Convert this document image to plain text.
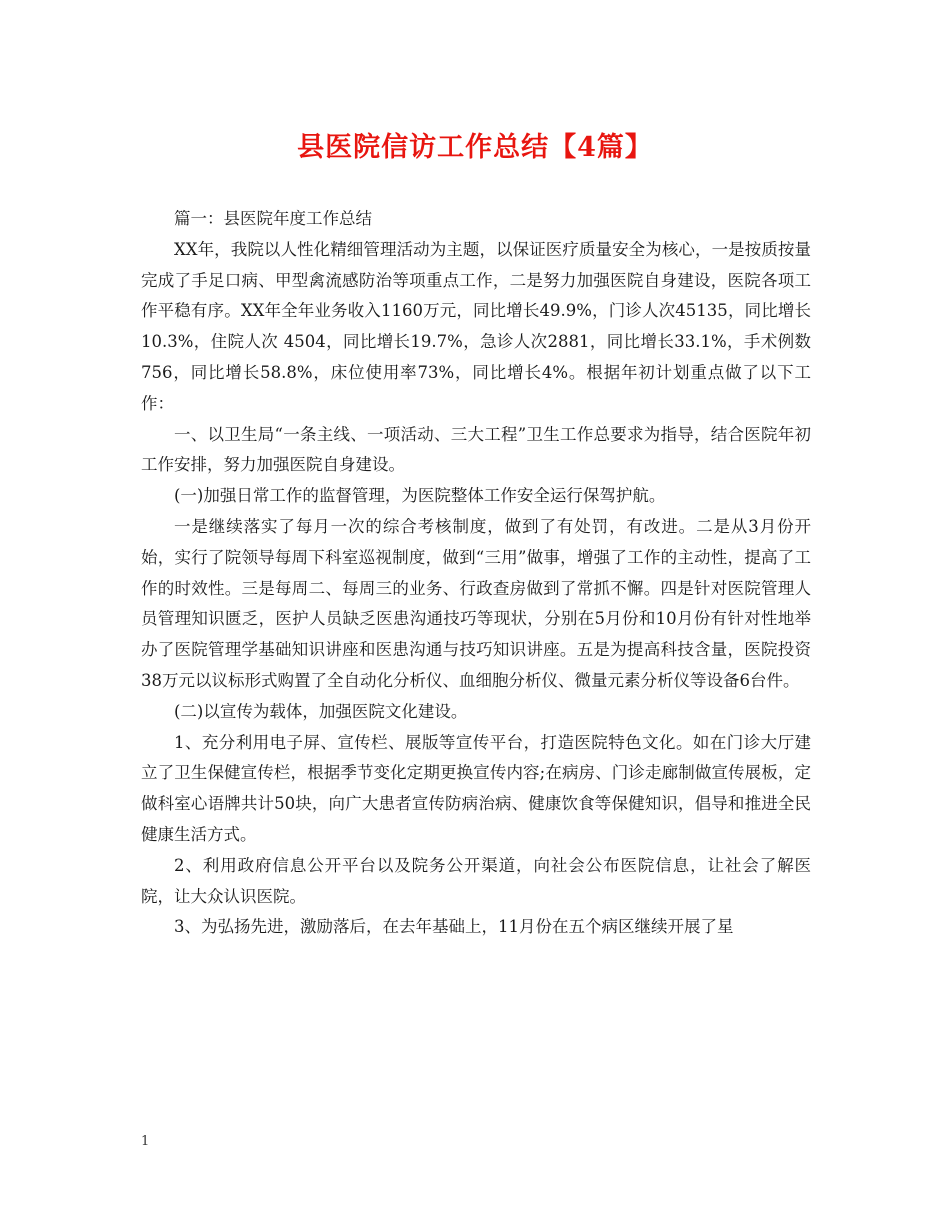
县医院信访工作总结【4篇】

篇一：县医院年度工作总结

XX年，我院以人性化精细管理活动为主题，以保证医疗质量安全为核心，一是按质按量完成了手足口病、甲型禽流感防治等项重点工作，二是努力加强医院自身建设，医院各项工作平稳有序。XX年全年业务收入1160万元，同比增长49.9%，门诊人次45135，同比增长10.3%，住院人次 4504，同比增长19.7%，急诊人次2881，同比增长33.1%，手术例数756，同比增长58.8%，床位使用率73%，同比增长4%。根据年初计划重点做了以下工作：

一、以卫生局“一条主线、一项活动、三大工程”卫生工作总要求为指导，结合医院年初工作安排，努力加强医院自身建设。

(一)加强日常工作的监督管理，为医院整体工作安全运行保驾护航。

一是继续落实了每月一次的综合考核制度，做到了有处罚，有改进。二是从3月份开始，实行了院领导每周下科室巡视制度，做到“三用”做事，增强了工作的主动性，提高了工作的时效性。三是每周二、每周三的业务、行政查房做到了常抓不懈。四是针对医院管理人员管理知识匮乏，医护人员缺乏医患沟通技巧等现状，分别在5月份和10月份有针对性地举办了医院管理学基础知识讲座和医患沟通与技巧知识讲座。五是为提高科技含量，医院投资38万元以议标形式购置了全自动化分析仪、血细胞分析仪、微量元素分析仪等设备6台件。

(二)以宣传为载体，加强医院文化建设。

1、充分利用电子屏、宣传栏、展版等宣传平台，打造医院特色文化。如在门诊大厅建立了卫生保健宣传栏，根据季节变化定期更换宣传内容;在病房、门诊走廊制做宣传展板，定做科室心语牌共计50块，向广大患者宣传防病治病、健康饮食等保健知识，倡导和推进全民健康生活方式。

2、利用政府信息公开平台以及院务公开渠道，向社会公布医院信息，让社会了解医院，让大众认识医院。

3、为弘扬先进，激励落后，在去年基础上，11月份在五个病区继续开展了星

1
